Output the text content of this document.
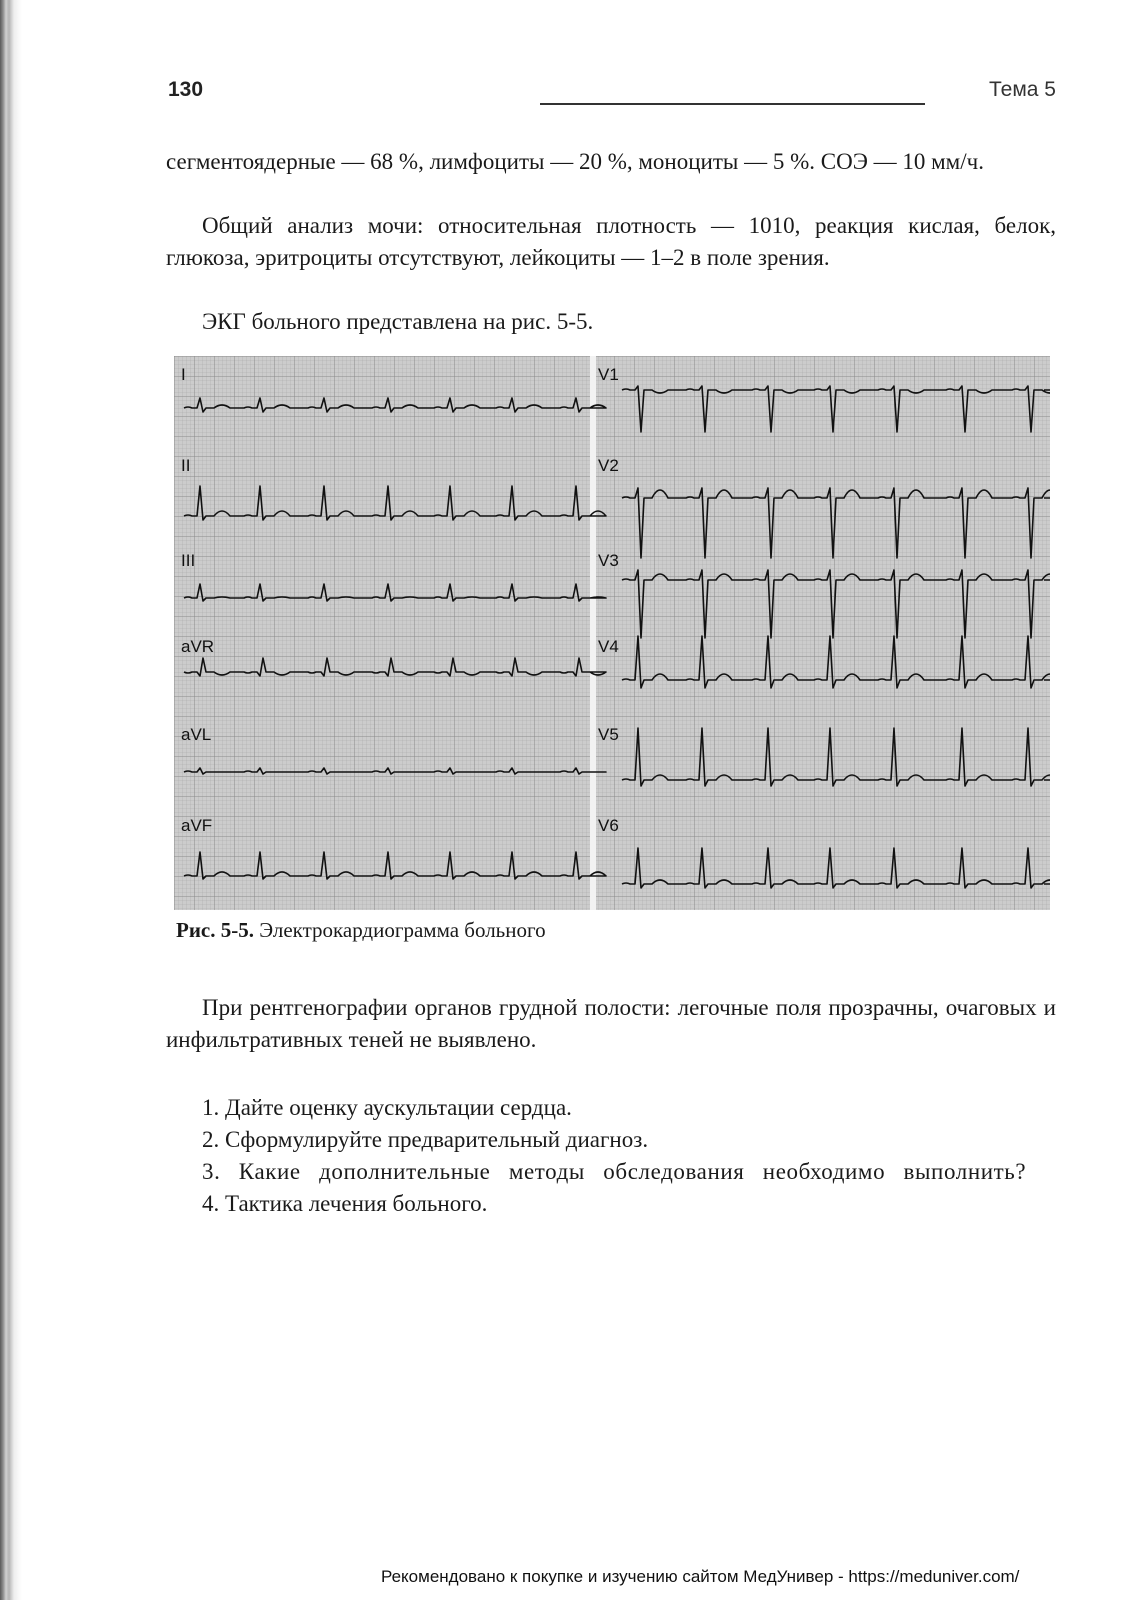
130	Тема 5

сегментоядерные — 68 %, лимфоциты — 20 %, моноциты — 5 %. СОЭ — 10 мм/ч.

Общий анализ мочи: относительная плотность — 1010, реакция кислая, белок, глюкоза, эритроциты отсутствуют, лейкоциты — 1–2 в поле зрения.

ЭКГ больного представлена на рис. 5-5.

I	V1
II	V2
III	V3
aVR	V4
aVL	V5
aVF	V6

Рис. 5-5. Электрокардиограмма больного

При рентгенографии органов грудной полости: легочные поля прозрачны, очаговых и инфильтративных теней не выявлено.

1. Дайте оценку аускультации сердца.
2. Сформулируйте предварительный диагноз.
3. Какие дополнительные методы обследования необходимо выполнить?
4. Тактика лечения больного.
Рекомендовано к покупке и изучению сайтом МедУнивер - https://meduniver.com/
